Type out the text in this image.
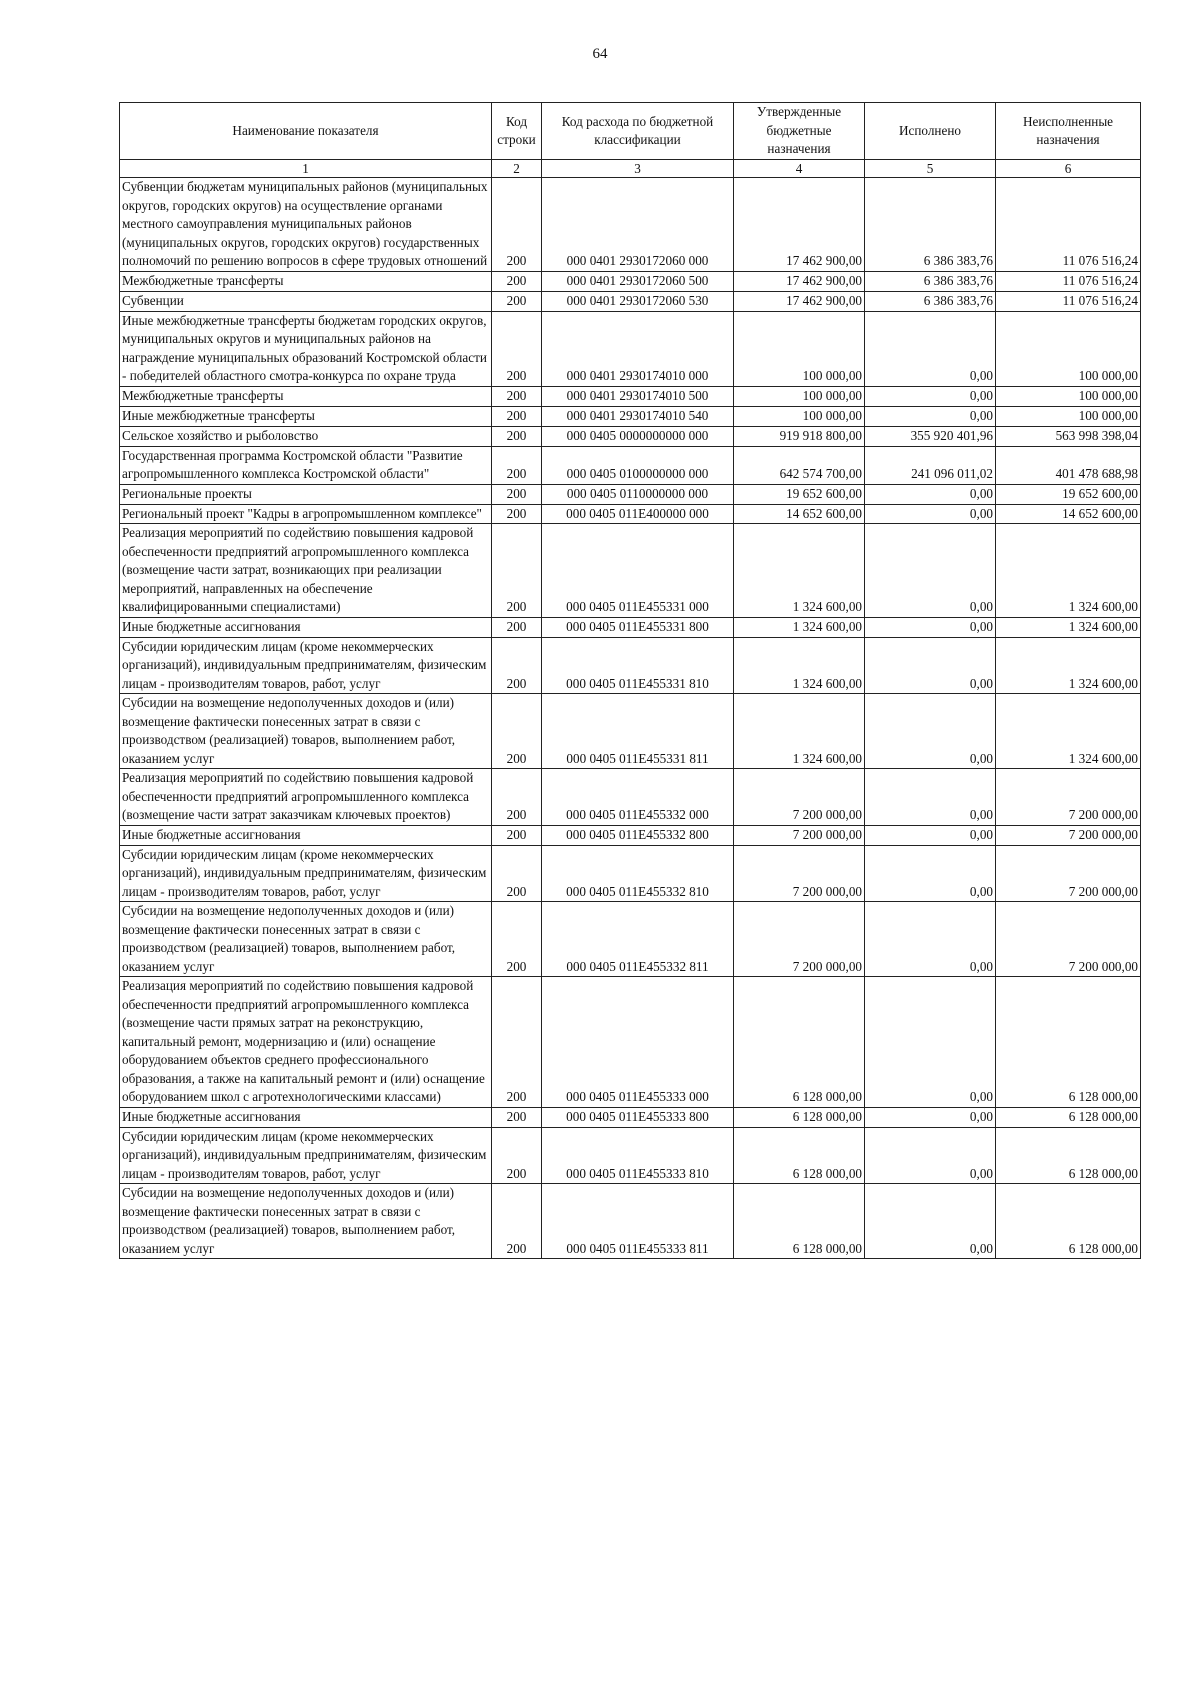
64
Наименование показателя	Код строки	Код расхода по бюджетной классификации	Утвержденные бюджетные назначения	Исполнено	Неисполненные назначения
1	2	3	4	5	6
Субвенции бюджетам муниципальных районов (муниципальных округов, городских округов) на осуществление органами местного самоуправления муниципальных районов (муниципальных округов, городских округов) государственных полномочий по решению вопросов в сфере трудовых отношений	200	000 0401 2930172060 000	17 462 900,00	6 386 383,76	11 076 516,24
Межбюджетные трансферты	200	000 0401 2930172060 500	17 462 900,00	6 386 383,76	11 076 516,24
Субвенции	200	000 0401 2930172060 530	17 462 900,00	6 386 383,76	11 076 516,24
Иные межбюджетные трансферты бюджетам городских округов, муниципальных округов и муниципальных районов на награждение муниципальных образований Костромской области - победителей областного смотра-конкурса по охране труда	200	000 0401 2930174010 000	100 000,00	0,00	100 000,00
Межбюджетные трансферты	200	000 0401 2930174010 500	100 000,00	0,00	100 000,00
Иные межбюджетные трансферты	200	000 0401 2930174010 540	100 000,00	0,00	100 000,00
Сельское хозяйство и рыболовство	200	000 0405 0000000000 000	919 918 800,00	355 920 401,96	563 998 398,04
Государственная программа Костромской области "Развитие агропромышленного комплекса Костромской области"	200	000 0405 0100000000 000	642 574 700,00	241 096 011,02	401 478 688,98
Региональные проекты	200	000 0405 0110000000 000	19 652 600,00	0,00	19 652 600,00
Региональный проект "Кадры в агропромышленном комплексе"	200	000 0405 011E400000 000	14 652 600,00	0,00	14 652 600,00
Реализация мероприятий по содействию повышения кадровой обеспеченности предприятий агропромышленного комплекса (возмещение части затрат, возникающих при реализации мероприятий, направленных на обеспечение квалифицированными специалистами)	200	000 0405 011E455331 000	1 324 600,00	0,00	1 324 600,00
Иные бюджетные ассигнования	200	000 0405 011E455331 800	1 324 600,00	0,00	1 324 600,00
Субсидии юридическим лицам (кроме некоммерческих организаций), индивидуальным предпринимателям, физическим лицам - производителям товаров, работ, услуг	200	000 0405 011E455331 810	1 324 600,00	0,00	1 324 600,00
Субсидии на возмещение недополученных доходов и (или) возмещение фактически понесенных затрат в связи с производством (реализацией) товаров, выполнением работ, оказанием услуг	200	000 0405 011E455331 811	1 324 600,00	0,00	1 324 600,00
Реализация мероприятий по содействию повышения кадровой обеспеченности предприятий агропромышленного комплекса (возмещение части затрат заказчикам ключевых проектов)	200	000 0405 011E455332 000	7 200 000,00	0,00	7 200 000,00
Иные бюджетные ассигнования	200	000 0405 011E455332 800	7 200 000,00	0,00	7 200 000,00
Субсидии юридическим лицам (кроме некоммерческих организаций), индивидуальным предпринимателям, физическим лицам - производителям товаров, работ, услуг	200	000 0405 011E455332 810	7 200 000,00	0,00	7 200 000,00
Субсидии на возмещение недополученных доходов и (или) возмещение фактически понесенных затрат в связи с производством (реализацией) товаров, выполнением работ, оказанием услуг	200	000 0405 011E455332 811	7 200 000,00	0,00	7 200 000,00
Реализация мероприятий по содействию повышения кадровой обеспеченности предприятий агропромышленного комплекса (возмещение части прямых затрат на реконструкцию, капитальный ремонт, модернизацию и (или) оснащение оборудованием объектов среднего профессионального образования, а также на капитальный ремонт и (или) оснащение оборудованием школ с агротехнологическими классами)	200	000 0405 011E455333 000	6 128 000,00	0,00	6 128 000,00
Иные бюджетные ассигнования	200	000 0405 011E455333 800	6 128 000,00	0,00	6 128 000,00
Субсидии юридическим лицам (кроме некоммерческих организаций), индивидуальным предпринимателям, физическим лицам - производителям товаров, работ, услуг	200	000 0405 011E455333 810	6 128 000,00	0,00	6 128 000,00
Субсидии на возмещение недополученных доходов и (или) возмещение фактически понесенных затрат в связи с производством (реализацией) товаров, выполнением работ, оказанием услуг	200	000 0405 011E455333 811	6 128 000,00	0,00	6 128 000,00
